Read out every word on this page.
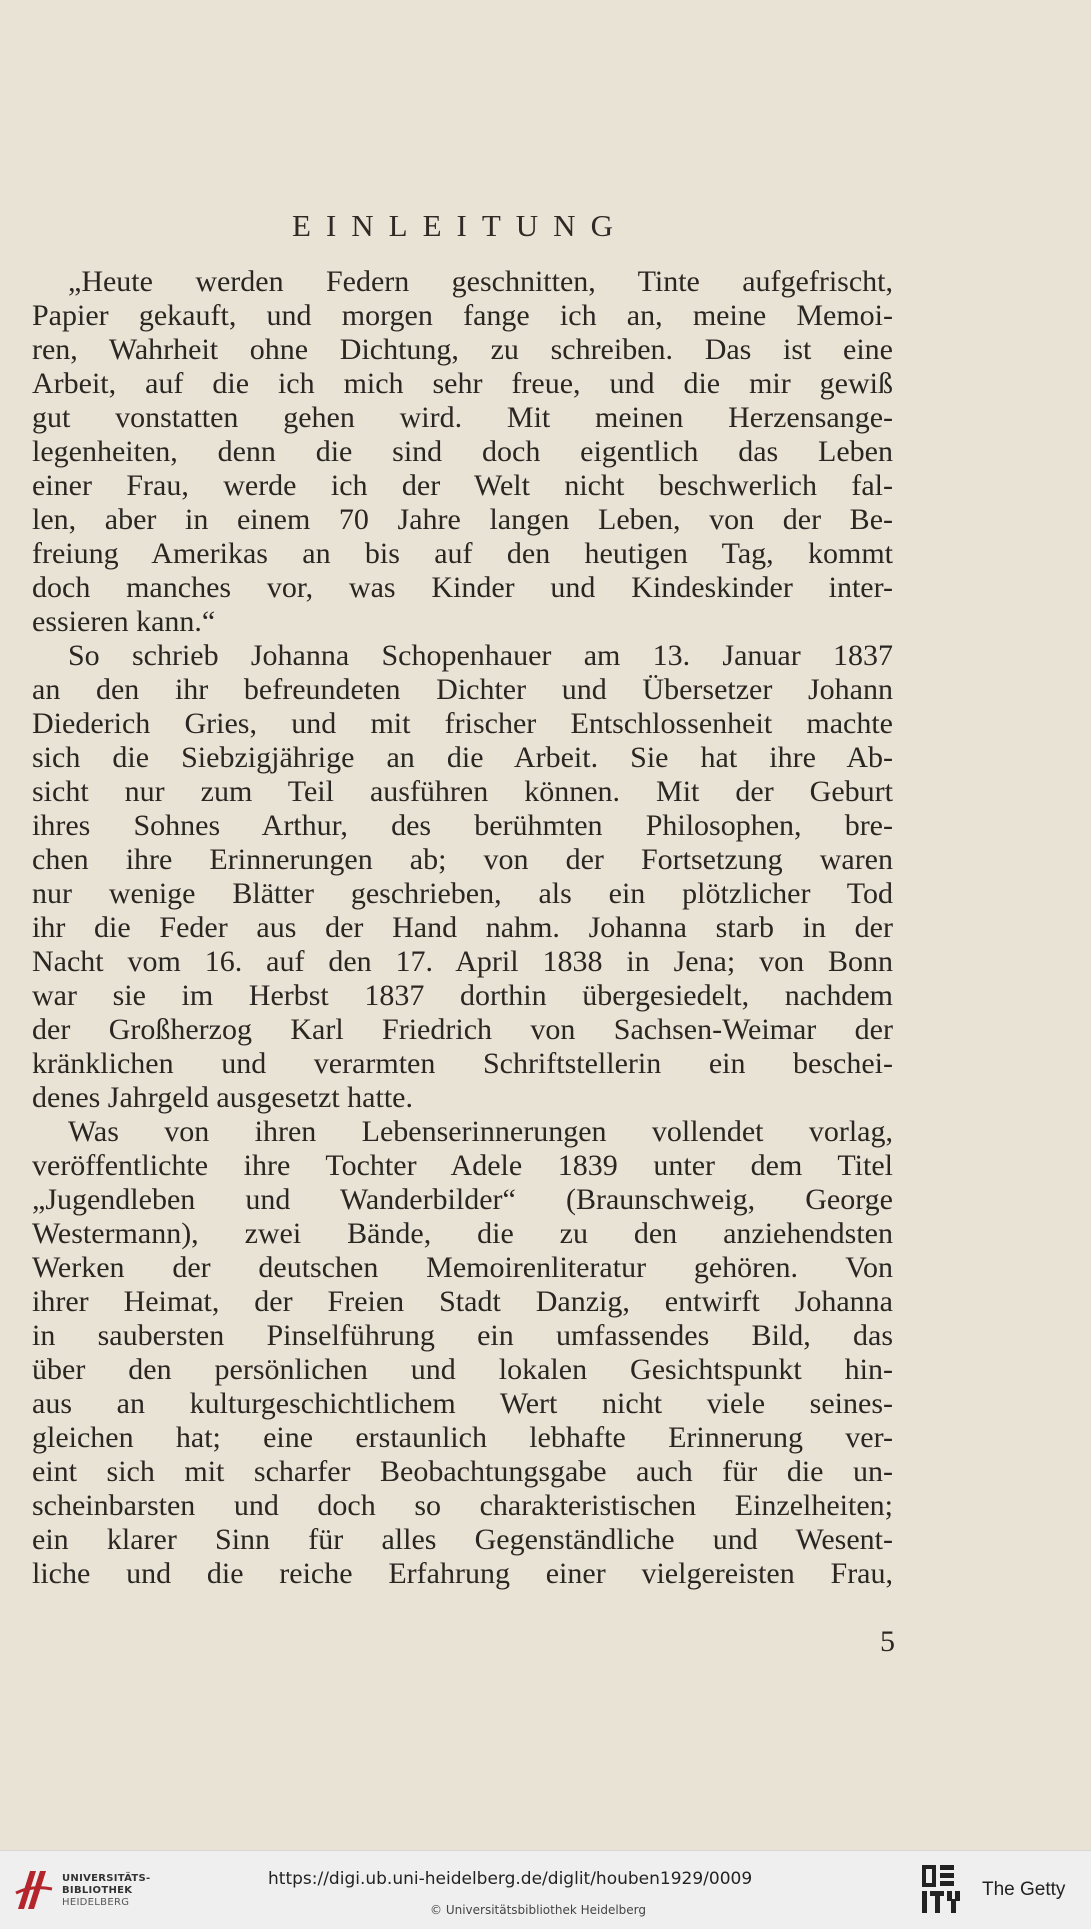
EINLEITUNG
„Heute werden Federn geschnitten, Tinte aufgefrischt,
Papier gekauft, und morgen fange ich an, meine Memoi-
ren, Wahrheit ohne Dichtung, zu schreiben. Das ist eine
Arbeit, auf die ich mich sehr freue, und die mir gewiß
gut vonstatten gehen wird. Mit meinen Herzensange-
legenheiten, denn die sind doch eigentlich das Leben
einer Frau, werde ich der Welt nicht beschwerlich fal-
len, aber in einem 70 Jahre langen Leben, von der Be-
freiung Amerikas an bis auf den heutigen Tag, kommt
doch manches vor, was Kinder und Kindeskinder inter-
essieren kann.“
So schrieb Johanna Schopenhauer am 13. Januar 1837
an den ihr befreundeten Dichter und Übersetzer Johann
Diederich Gries, und mit frischer Entschlossenheit machte
sich die Siebzigjährige an die Arbeit. Sie hat ihre Ab-
sicht nur zum Teil ausführen können. Mit der Geburt
ihres Sohnes Arthur, des berühmten Philosophen, bre-
chen ihre Erinnerungen ab; von der Fortsetzung waren
nur wenige Blätter geschrieben, als ein plötzlicher Tod
ihr die Feder aus der Hand nahm. Johanna starb in der
Nacht vom 16. auf den 17. April 1838 in Jena; von Bonn
war sie im Herbst 1837 dorthin übergesiedelt, nachdem
der Großherzog Karl Friedrich von Sachsen-Weimar der
kränklichen und verarmten Schriftstellerin ein beschei-
denes Jahrgeld ausgesetzt hatte.
Was von ihren Lebenserinnerungen vollendet vorlag,
veröffentlichte ihre Tochter Adele 1839 unter dem Titel
„Jugendleben und Wanderbilder“ (Braunschweig, George
Westermann), zwei Bände, die zu den anziehendsten
Werken der deutschen Memoirenliteratur gehören. Von
ihrer Heimat, der Freien Stadt Danzig, entwirft Johanna
in saubersten Pinselführung ein umfassendes Bild, das
über den persönlichen und lokalen Gesichtspunkt hin-
aus an kulturgeschichtlichem Wert nicht viele seines-
gleichen hat; eine erstaunlich lebhafte Erinnerung ver-
eint sich mit scharfer Beobachtungsgabe auch für die un-
scheinbarsten und doch so charakteristischen Einzelheiten;
ein klarer Sinn für alles Gegenständliche und Wesent-
liche und die reiche Erfahrung einer vielgereisten Frau,
5
UNIVERSITÄTS-
BIBLIOTHEK
HEIDELBERG
https://digi.ub.uni-heidelberg.de/diglit/houben1929/0009
© Universitätsbibliothek Heidelberg
The Getty
